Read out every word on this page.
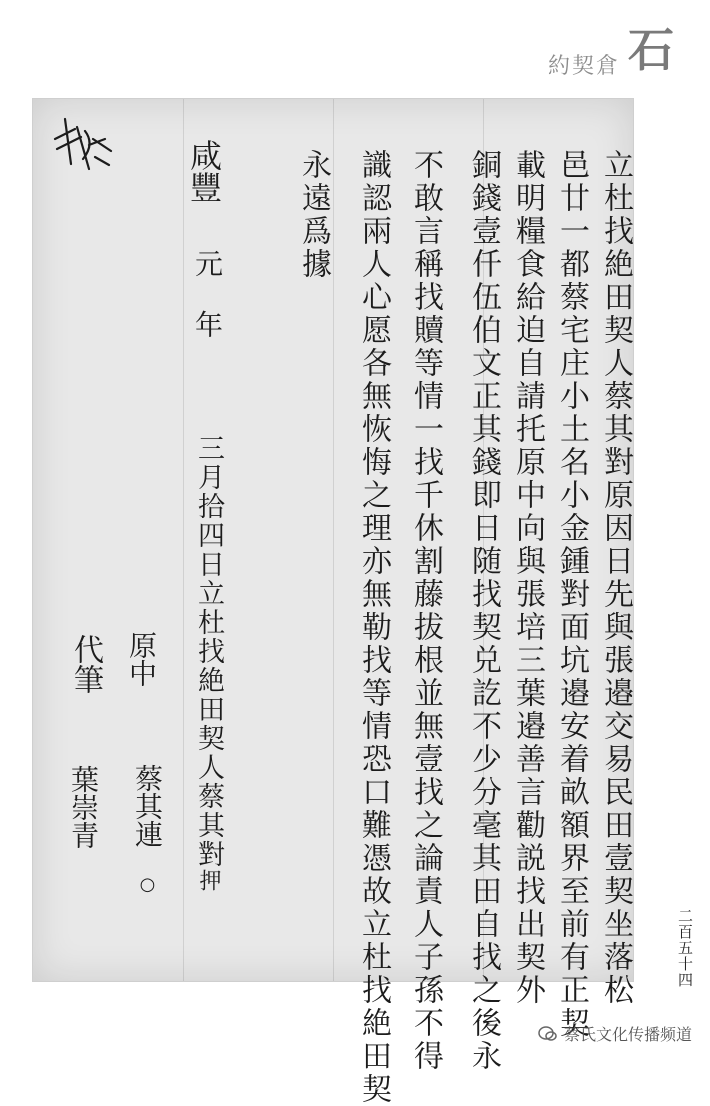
約契倉 石
立杜找絶田契人蔡其對原因日先與張邉交易民田壹契坐落松
邑廿一都蔡宅庄小土名小金鍾對面坑邉安着畝額界至前有正契
載明糧食給迫自請托原中向與張培三葉邉善言勸説找出契外
銅錢壹仟伍伯文正其錢即日随找契兑訖不少分毫其田自找之後永
不敢言稱找贖等情一找千休割藤拔根並無壹找之論責人子孫不得
識認兩人心愿各無恢悔之理亦無勒找等情恐口難憑故立杜找絶田契
永遠爲據
咸豐
元 年
三月拾四日立杜找絶田契人蔡其對
押
原中
蔡其連
○
代筆
葉崇青
二百五十四
蔡氏文化传播频道
